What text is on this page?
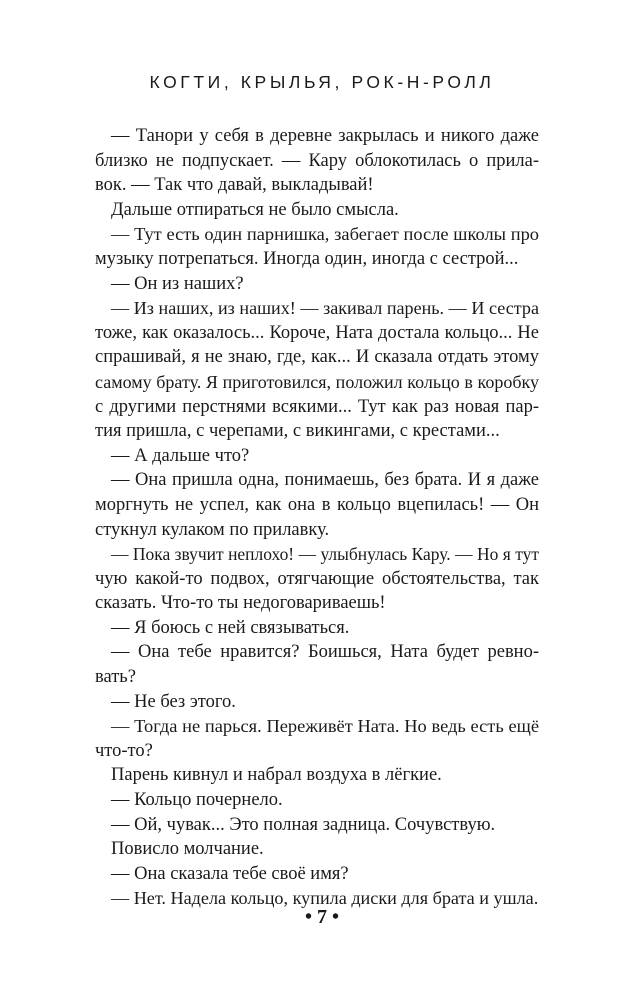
КОГТИ, КРЫЛЬЯ, РОК-Н-РОЛЛ

— Танори у себя в деревне закрылась и никого даже
близко не подпускает. — Кару облокотилась о прила-
вок. — Так что давай, выкладывай!

Дальше отпираться не было смысла.

— Тут есть один парнишка, забегает после школы про
музыку потрепаться. Иногда один, иногда с сестрой...

— Он из наших?

— Из наших, из наших! — закивал парень. — И сестра
тоже, как оказалось... Короче, Ната достала кольцо... Не
спрашивай, я не знаю, где, как... И сказала отдать этому
самому брату. Я приготовился, положил кольцо в коробку
с другими перстнями всякими... Тут как раз новая пар-
тия пришла, с черепами, с викингами, с крестами...

— А дальше что?

— Она пришла одна, понимаешь, без брата. И я даже
моргнуть не успел, как она в кольцо вцепилась! — Он
стукнул кулаком по прилавку.

— Пока звучит неплохо! — улыбнулась Кару. — Но я тут
чую какой-то подвох, отягчающие обстоятельства, так
сказать. Что-то ты недоговариваешь!

— Я боюсь с ней связываться.

— Она тебе нравится? Боишься, Ната будет ревно-
вать?

— Не без этого.

— Тогда не парься. Переживёт Ната. Но ведь есть ещё
что-то?

Парень кивнул и набрал воздуха в лёгкие.

— Кольцо почернело.

— Ой, чувак... Это полная задница. Сочувствую.

Повисло молчание.

— Она сказала тебе своё имя?

— Нет. Надела кольцо, купила диски для брата и ушла.

• 7 •
